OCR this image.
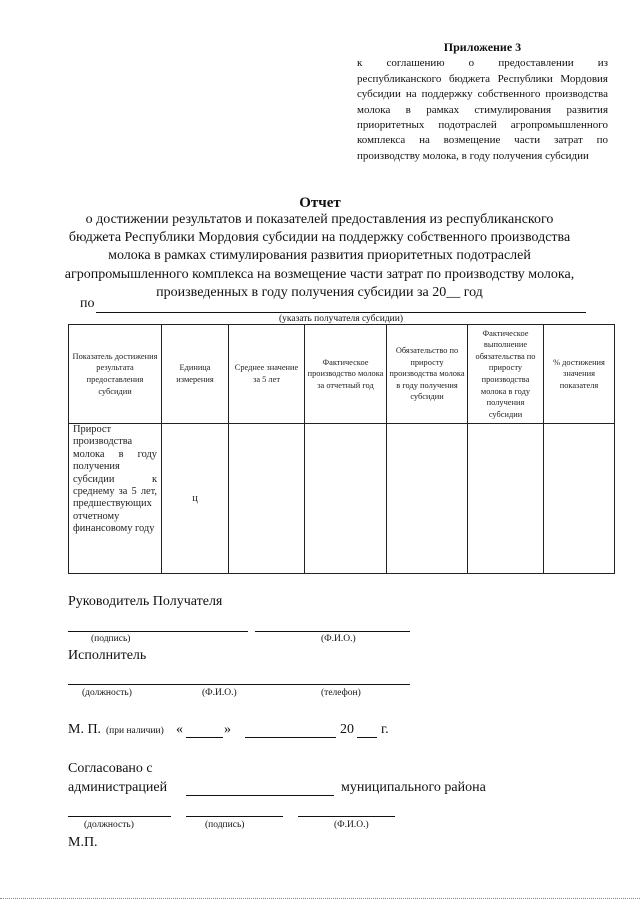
Приложение 3
к соглашению о предоставлении из республиканского бюджета Республики Мордовия субсидии на поддержку собственного производства молока в рамках стимулирования развития приоритетных подотраслей агропромышленного комплекса на возмещение части затрат по производству молока, в году получения субсидии
Отчет
о достижении результатов и показателей предоставления из республиканского бюджета Республики Мордовия субсидии на поддержку собственного производства молока в рамках стимулирования развития приоритетных подотраслей агропромышленного комплекса на возмещение части затрат по производству молока, произведенных в году получения субсидии за 20__ год
по
(указать получателя субсидии)
Показатель достижения результата предоставления субсидии	Единица измерения	Среднее значение за 5 лет	Фактическое производство молока за отчетный год	Обязательство по приросту производства молока в году получения субсидии	Фактическое выполнение обязательства по приросту производства молока в году получения субсидии	% достижения значения показателя
Прирост производства молока в году получения субсидии к среднему за 5 лет, предшествующих отчетному финансовому году	ц					
Руководитель Получателя
(подпись)	(Ф.И.О.)
Исполнитель
(должность)	(Ф.И.О.)	(телефон)
М. П. (при наличии) «	»	20 г.
Согласовано с
администрацией	муниципального района
(должность)	(подпись)	(Ф.И.О.)
М.П.
